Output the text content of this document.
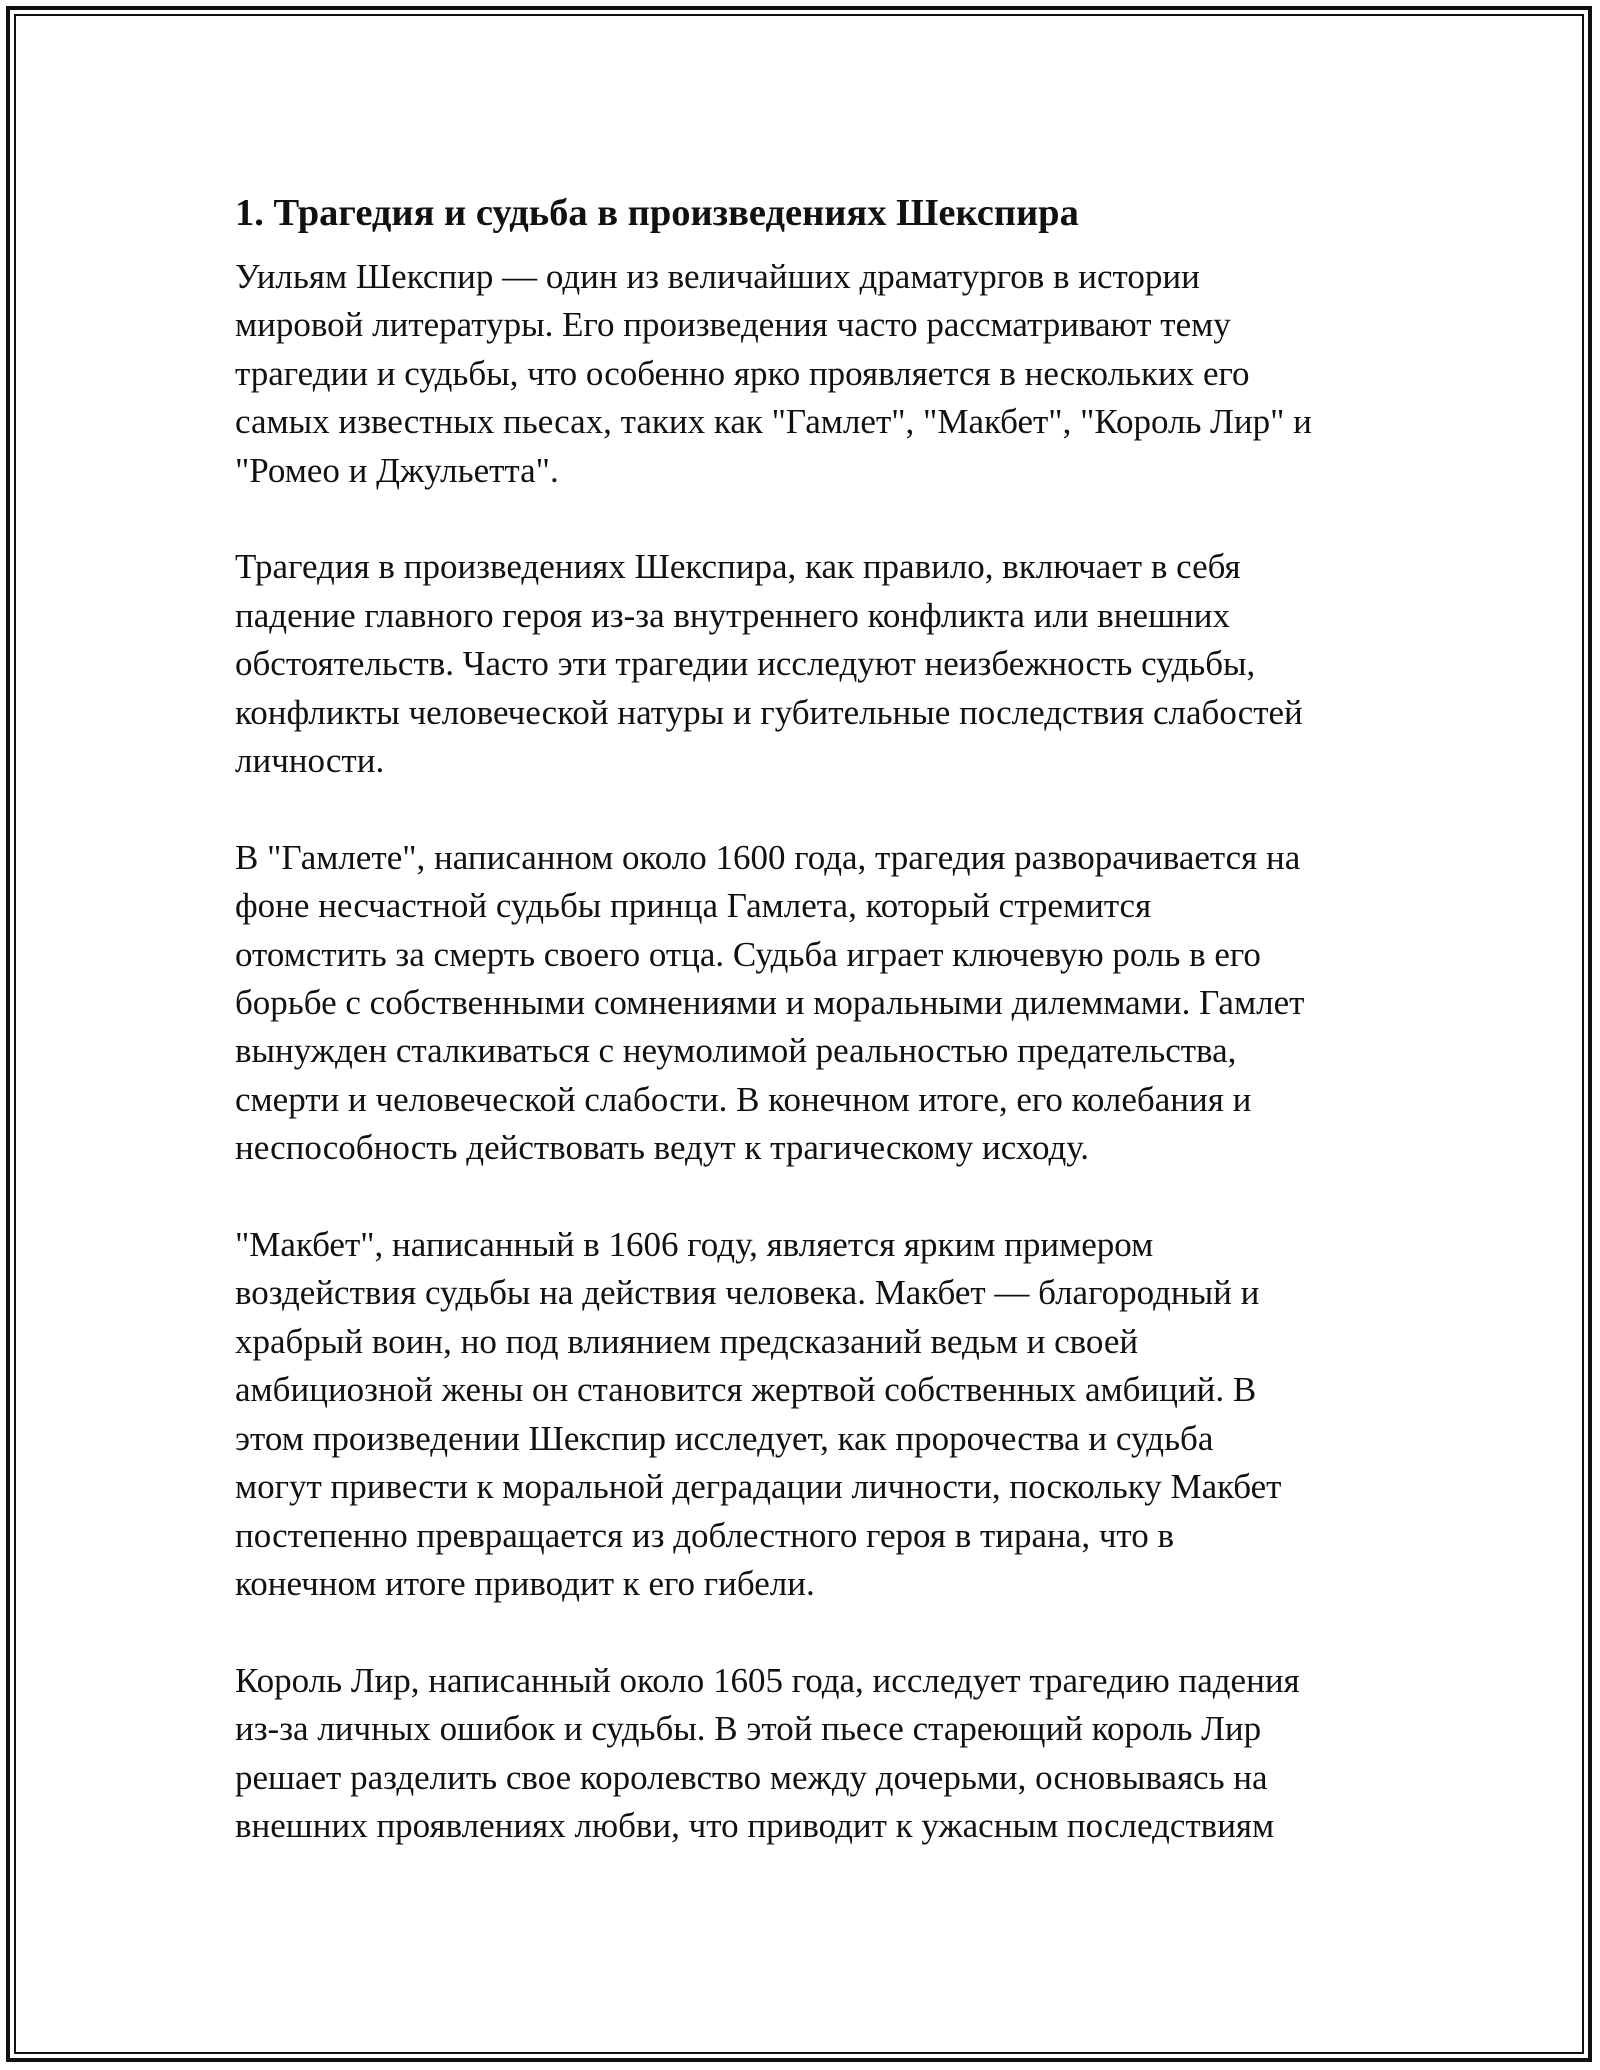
1. Трагедия и судьба в произведениях Шекспира
Уильям Шекспир — один из величайших драматургов в истории
мировой литературы. Его произведения часто рассматривают тему
трагедии и судьбы, что особенно ярко проявляется в нескольких его
самых известных пьесах, таких как "Гамлет", "Макбет", "Король Лир" и
"Ромео и Джульетта".
Трагедия в произведениях Шекспира, как правило, включает в себя
падение главного героя из-за внутреннего конфликта или внешних
обстоятельств. Часто эти трагедии исследуют неизбежность судьбы,
конфликты человеческой натуры и губительные последствия слабостей
личности.
В "Гамлете", написанном около 1600 года, трагедия разворачивается на
фоне несчастной судьбы принца Гамлета, который стремится
отомстить за смерть своего отца. Судьба играет ключевую роль в его
борьбе с собственными сомнениями и моральными дилеммами. Гамлет
вынужден сталкиваться с неумолимой реальностью предательства,
смерти и человеческой слабости. В конечном итоге, его колебания и
неспособность действовать ведут к трагическому исходу.
"Макбет", написанный в 1606 году, является ярким примером
воздействия судьбы на действия человека. Макбет — благородный и
храбрый воин, но под влиянием предсказаний ведьм и своей
амбициозной жены он становится жертвой собственных амбиций. В
этом произведении Шекспир исследует, как пророчества и судьба
могут привести к моральной деградации личности, поскольку Макбет
постепенно превращается из доблестного героя в тирана, что в
конечном итоге приводит к его гибели.
Король Лир, написанный около 1605 года, исследует трагедию падения
из-за личных ошибок и судьбы. В этой пьесе стареющий король Лир
решает разделить свое королевство между дочерьми, основываясь на
внешних проявлениях любви, что приводит к ужасным последствиям
